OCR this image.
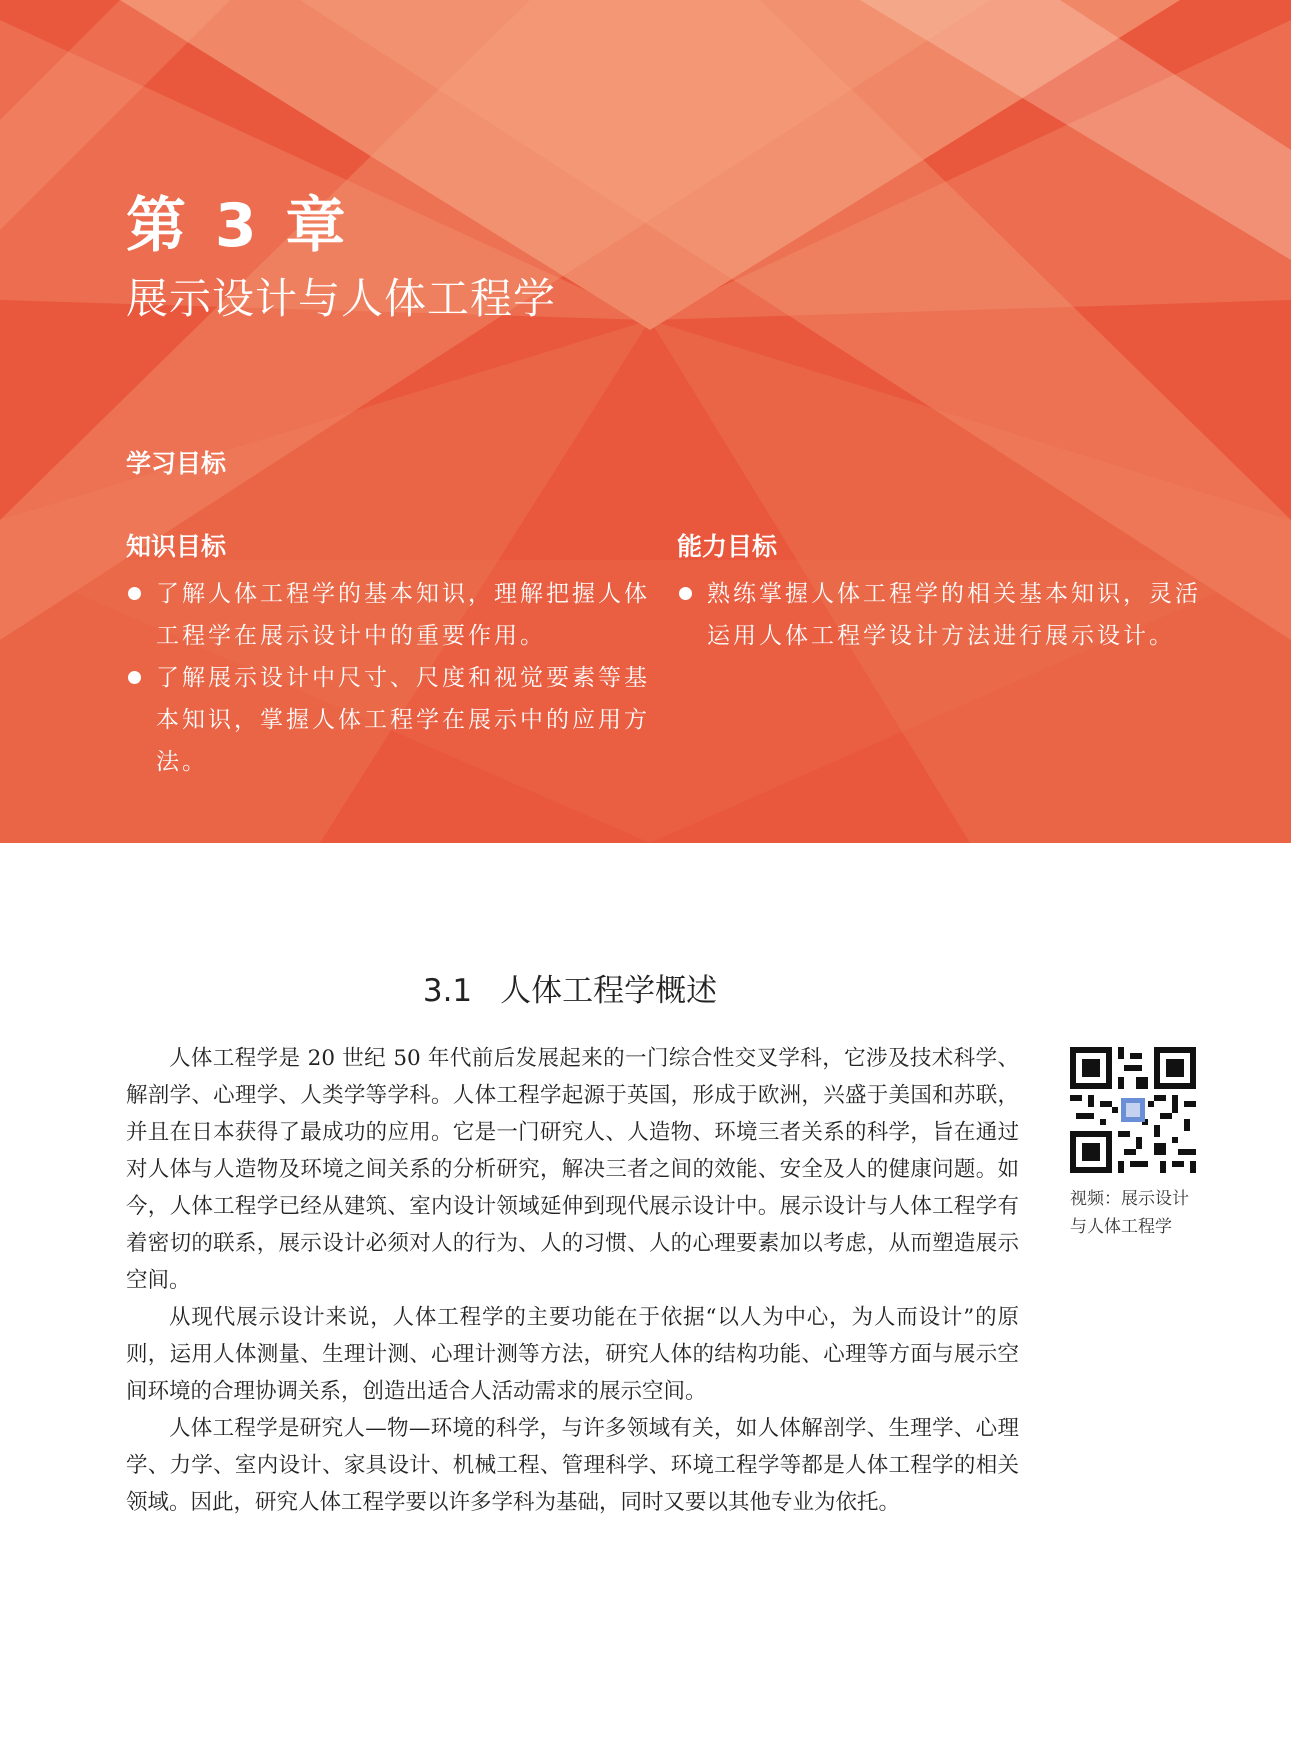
第 3 章
展示设计与人体工程学
学习目标
知识目标
了解人体工程学的基本知识，理解把握人体工程学在展示设计中的重要作用。
了解展示设计中尺寸、尺度和视觉要素等基本知识，掌握人体工程学在展示中的应用方法。
能力目标
熟练掌握人体工程学的相关基本知识，灵活运用人体工程学设计方法进行展示设计。
3.1 人体工程学概述

人体工程学是 20 世纪 50 年代前后发展起来的一门综合性交叉学科，它涉及技术科学、解剖学、心理学、人类学等学科。人体工程学起源于英国，形成于欧洲，兴盛于美国和苏联，并且在日本获得了最成功的应用。它是一门研究人、人造物、环境三者关系的科学，旨在通过对人体与人造物及环境之间关系的分析研究，解决三者之间的效能、安全及人的健康问题。如今，人体工程学已经从建筑、室内设计领域延伸到现代展示设计中。展示设计与人体工程学有着密切的联系，展示设计必须对人的行为、人的习惯、人的心理要素加以考虑，从而塑造展示空间。

从现代展示设计来说，人体工程学的主要功能在于依据“以人为中心，为人而设计”的原则，运用人体测量、生理计测、心理计测等方法，研究人体的结构功能、心理等方面与展示空间环境的合理协调关系，创造出适合人活动需求的展示空间。

人体工程学是研究人—物—环境的科学，与许多领域有关，如人体解剖学、生理学、心理学、力学、室内设计、家具设计、机械工程、管理科学、环境工程学等都是人体工程学的相关领域。因此，研究人体工程学要以许多学科为基础，同时又要以其他专业为依托。

视频：展示设计
与人体工程学
